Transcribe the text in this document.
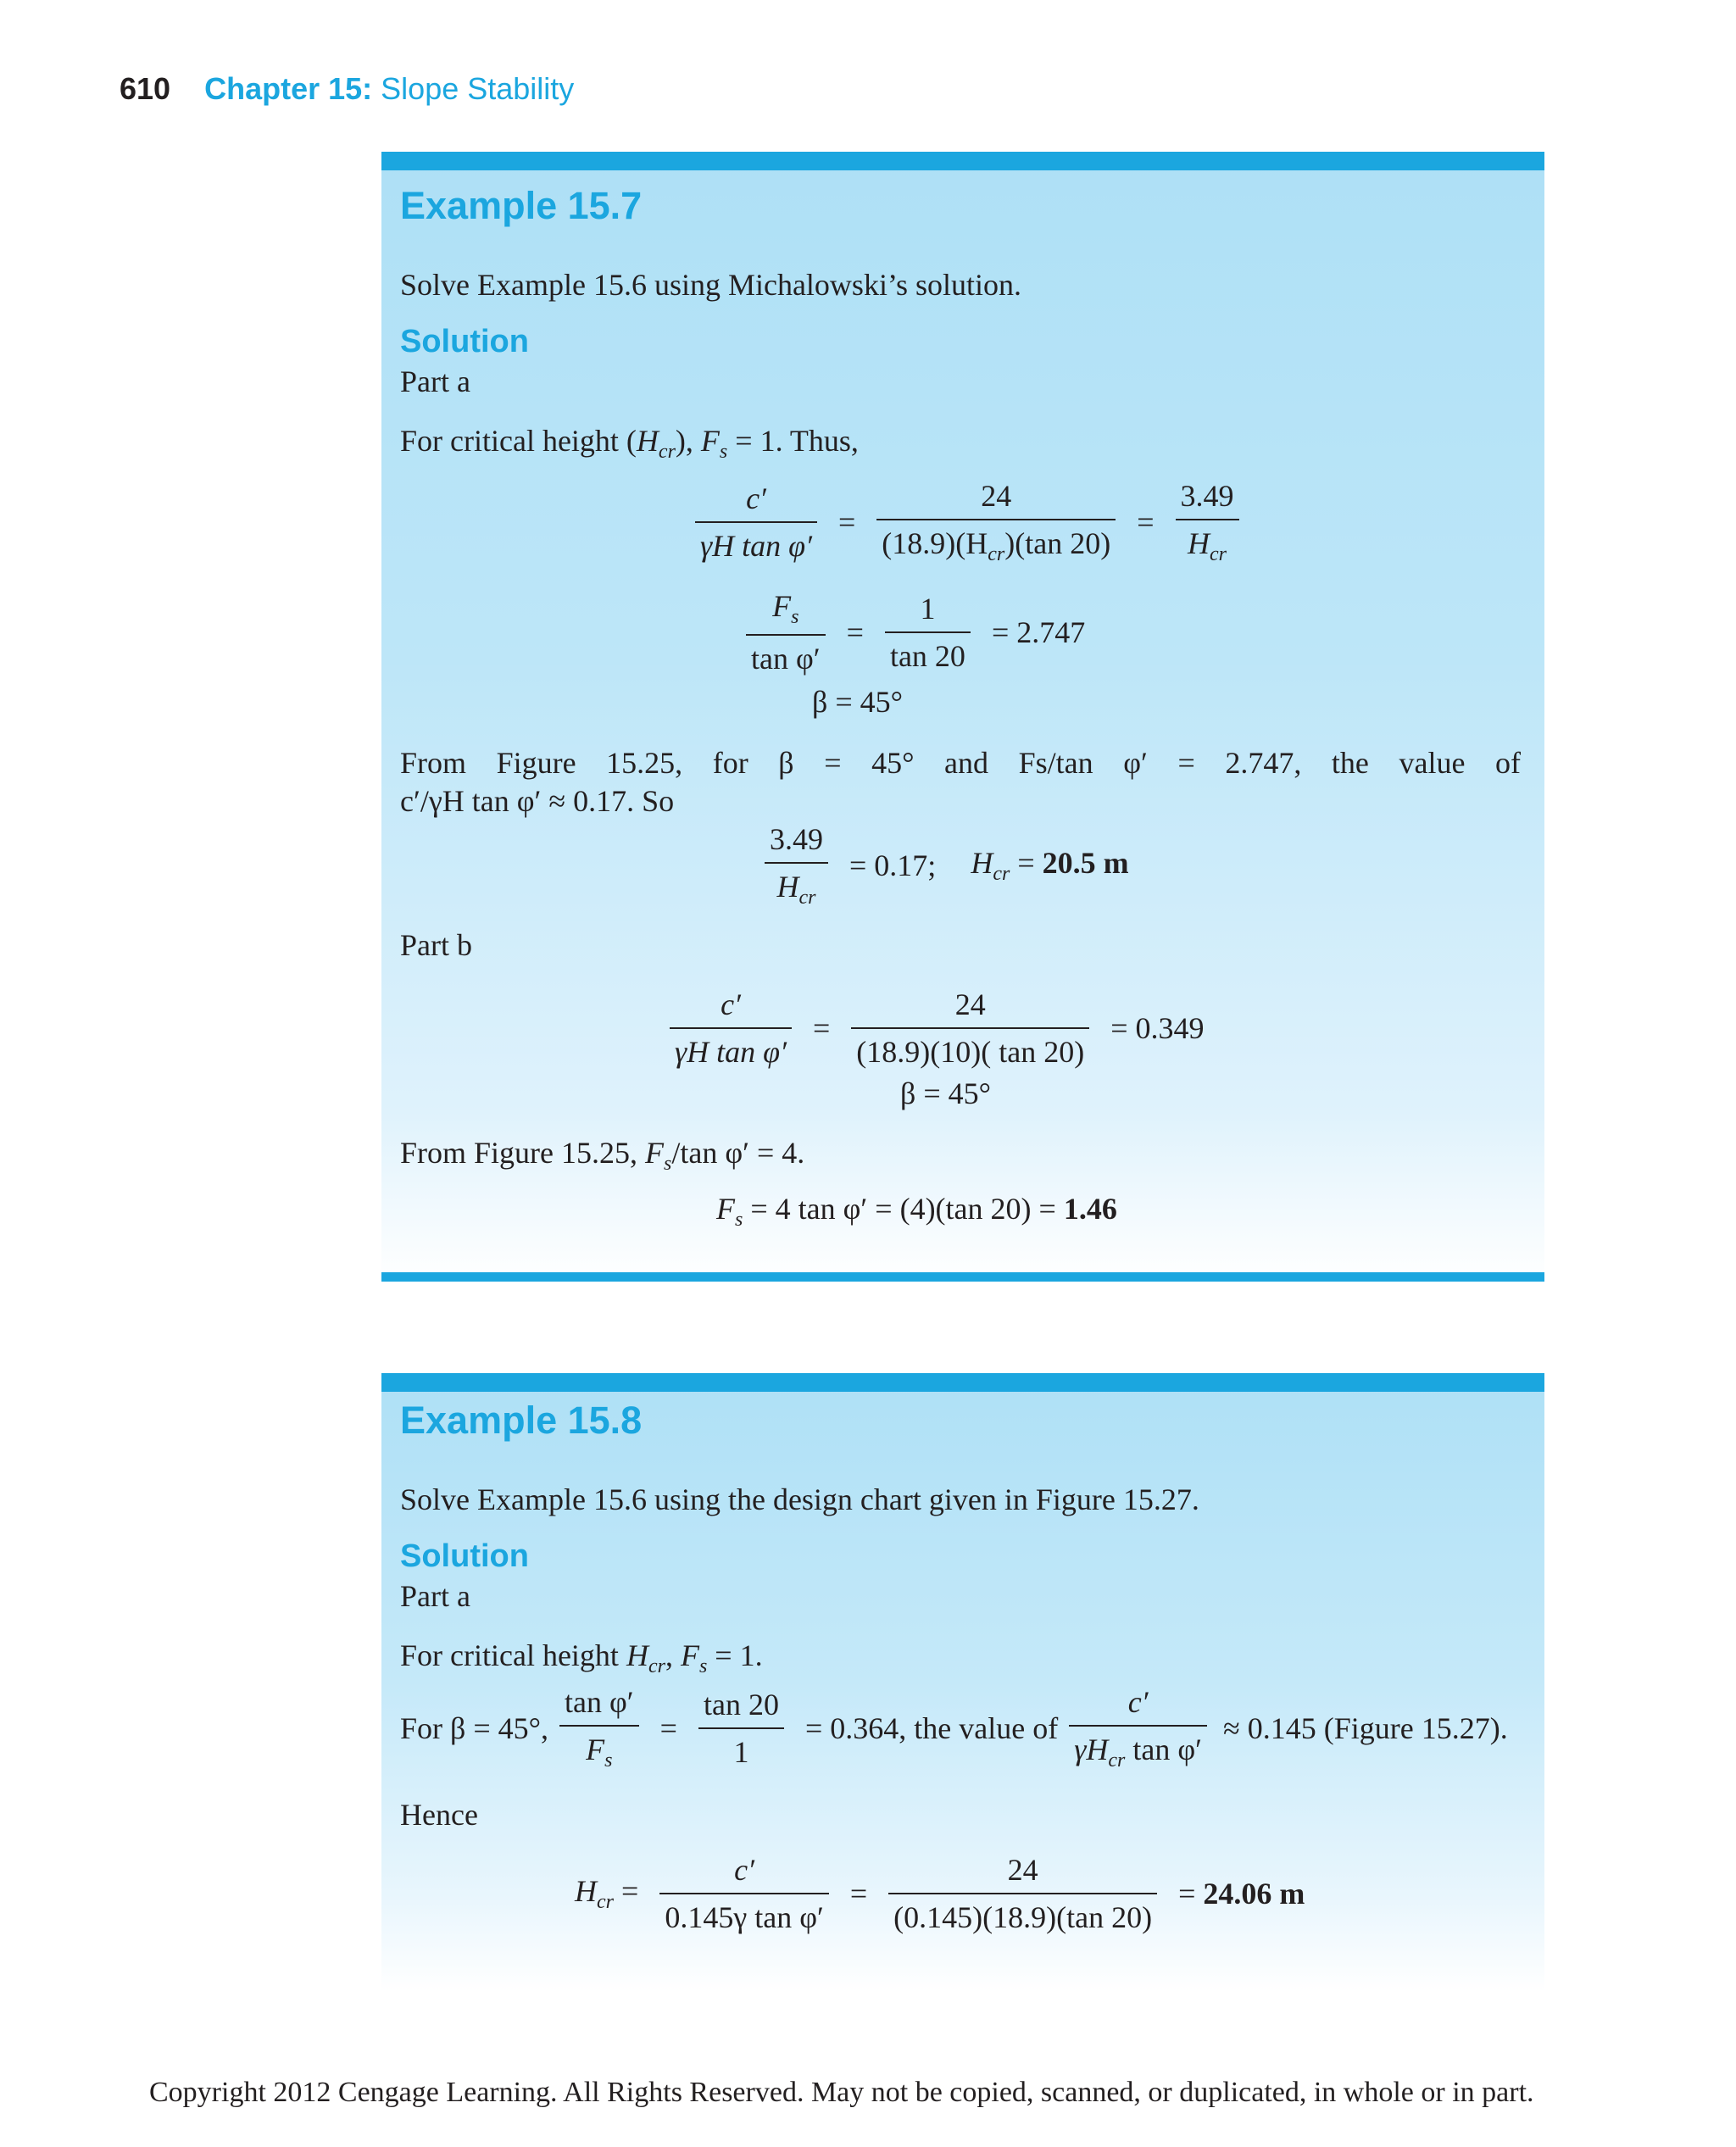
610 Chapter 15: Slope Stability
Example 15.7
Solve Example 15.6 using Michalowski’s solution.
Solution
Part a
For critical height $(H_{cr})$, $F_s = 1$. Thus,
$\frac{c'}{\text{γH tan φ′}} = \frac{24}{(18.9)(H_{cr})(\tan 20)} = \frac{3.49}{H_{cr}}$
$\frac{F_s}{\text{tan φ′}} = \frac{1}{\tan 20} = 2.747$
β = 45°
From Figure 15.25, for β = 45° and Fs/tan φ′ = 2.747, the value of
c′/γH tan φ′ ≈ 0.17. So
$\frac{3.49}{H_{cr}} = 0.17$; $H_{cr} = 20.5$ m
Part b
$\frac{c'}{\text{γH tan φ′}} = \frac{24}{(18.9)(10)( \tan 20)} = 0.349$
β = 45°
From Figure 15.25, $F_s/\tan$ φ′ = 4.
$F_s = 4$ tan φ′ = (4)(tan 20) = 1.46
Example 15.8
Solve Example 15.6 using the design chart given in Figure 15.27.
Solution
Part a
For critical height $H_{cr}$, $F_s = 1$.
For β = 45°, $\frac{\text{tan φ′}}{F_s} = \frac{\tan 20}{1} = 0.364$, the value of $\frac{c'}{\gamma H_{cr} \tan \varphi'} \approx 0.145$ (Figure 15.27).
Hence
$H_{cr} = \frac{c'}{\text{0.145γ tan φ′}} = \frac{24}{(0.145)(18.9)(\tan 20)} = 24.06$ m
Copyright 2012 Cengage Learning. All Rights Reserved. May not be copied, scanned, or duplicated, in whole or in part.
